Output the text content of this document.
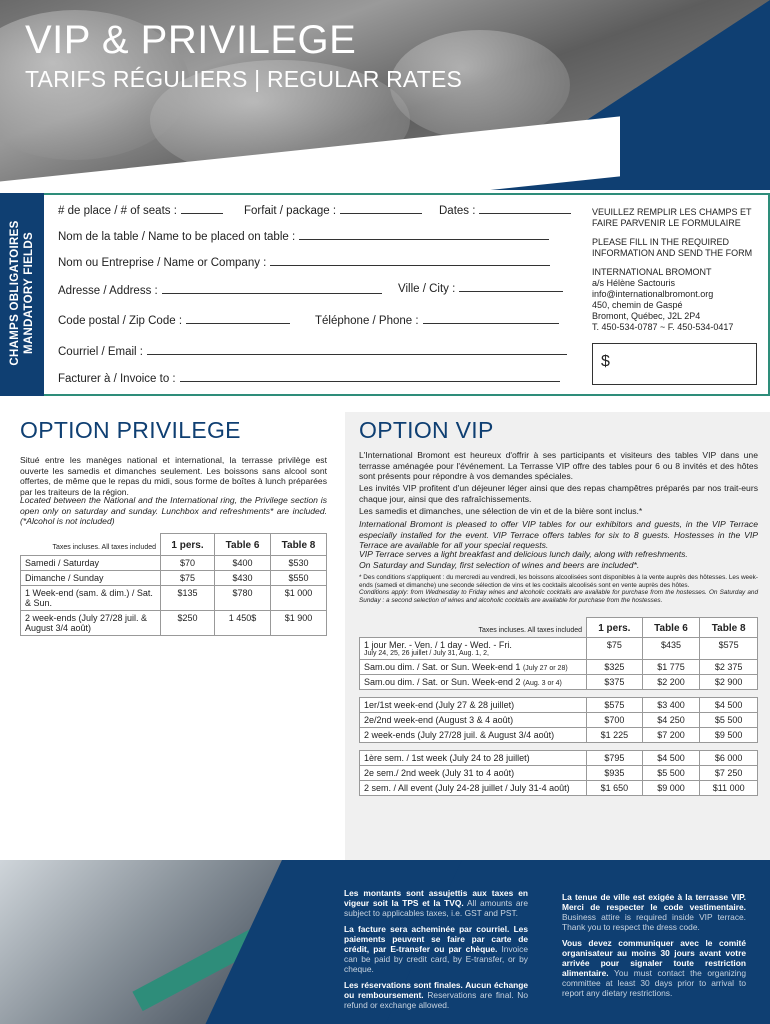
VIP & PRIVILEGE
TARIFS RÉGULIERS | REGULAR RATES
CHAMPS OBLIGATOIRES MANDATORY FIELDS
# de place / # of seats :	Forfait / package :	Dates :
Nom de la table / Name to be placed on table :
Nom ou Entreprise / Name or Company :
Adresse / Address :	Ville / City :
Code postal / Zip Code :	Téléphone / Phone :
Courriel / Email :
Facturer à / Invoice to :

VEUILLEZ REMPLIR LES CHAMPS ET FAIRE PARVENIR LE FORMULAIRE

PLEASE FILL IN THE REQUIRED INFORMATION AND SEND THE FORM

INTERNATIONAL BROMONT
a/s Hélène Sactouris
info@internationalbromont.org
450, chemin de Gaspé
Bromont, Québec, J2L 2P4
T. 450-534-0787 ~ F. 450-534-0417
$
OPTION PRIVILEGE
Situé entre les manèges national et international, la terrasse privilège est ouverte les samedis et dimanches seulement. Les boissons sans alcool sont offertes, de même que le repas du midi, sous forme de boîtes à lunch préparées par les traiteurs de la région.
Located between the National and the International ring, the Privilege section is open only on saturday and sunday. Lunchbox and refreshments* are included. (*Alcohol is not included)
Taxes incluses. All taxes included	1 pers.	Table 6	Table 8
Samedi / Saturday	$70	$400	$530
Dimanche / Sunday	$75	$430	$550
1 Week-end (sam. & dim.) / Sat. & Sun.	$135	$780	$1 000
2 week-ends (July 27/28 juil. & August 3/4 août)	$250	1 450$	$1 900
OPTION VIP
L'International Bromont est heureux d'offrir à ses participants et visiteurs des tables VIP dans une terrasse aménagée pour l'événement. La Terrasse VIP offre des tables pour 6 ou 8 invités et des hôtes sont présents pour répondre à vos demandes spéciales.
Les invités VIP profitent d'un déjeuner léger ainsi que des repas champêtres préparés par nos trait-eurs chaque jour, ainsi que des rafraîchissements.
Les samedis et dimanches, une sélection de vin et de la bière sont inclus.*
International Bromont is pleased to offer VIP tables for our exhibitors and guests, in the VIP Terrace especially installed for the event. VIP Terrace offers tables for six to 8 guests. Hostesses in the VIP Terrace are available for all your special requests.
VIP Terrace serves a light breakfast and delicious lunch daily, along with refreshments.
On Saturday and Sunday, first selection of wines and beers are included*.
* Des conditions s'appliquent : du mercredi au vendredi, les boissons alcoolisées sont disponibles à la vente auprès des hôtesses. Les week-ends (samedi et dimanche) une seconde sélection de vins et les cocktails alcoolisés sont en vente auprès des hôtes.
Conditions apply: from Wednesday to Friday wines and alcoholic cocktails are available for purchase from the hostesses. On Saturday and Sunday : a second selection of wines and alcoholic cocktails are available for purchase from the hostesses.
Taxes incluses. All taxes included	1 pers.	Table 6	Table 8

1 jour Mer. - Ven. / 1 day - Wed. - Fri.
July 24, 25, 26 juillet / July 31, Aug. 1, 2,	$75	$435	$575
Sam.ou dim. / Sat. or Sun. Week-end 1 (July 27 or 28)	$325	$1 775	$2 375
Sam.ou dim. / Sat. or Sun. Week-end 2 (Aug. 3 or 4)	$375	$2 200	$2 900

1er/1st week-end (July 27 & 28 juillet)	$575	$3 400	$4 500
2e/2nd week-end (August 3 & 4 août)	$700	$4 250	$5 500
2 week-ends (July 27/28 juil. & August 3/4 août)	$1 225	$7 200	$9 500

1ère sem. / 1st week (July 24 to 28 juillet)	$795	$4 500	$6 000
2e sem./ 2nd week (July 31 to 4 août)	$935	$5 500	$7 250
2 sem. / All event (July 24-28 juillet / July 31-4 août)	$1 650	$9 000	$11 000

Les montants sont assujettis aux taxes en vigeur soit la TPS et la TVQ. All amounts are subject to applicables taxes, i.e. GST and PST.

La facture sera acheminée par courriel. Les paiements peuvent se faire par carte de crédit, par E-transfer ou par chèque. Invoice can be paid by credit card, by E-transfer, or by cheque.

Les réservations sont finales. Aucun échange ou remboursement. Reservations are final. No refund or exchange allowed.

La tenue de ville est exigée à la terrasse VIP. Merci de respecter le code vestimentaire. Business attire is required inside VIP terrace. Thank you to respect the dress code.

Vous devez communiquer avec le comité organisateur au moins 30 jours avant votre arrivée pour signaler toute restriction alimentaire. You must contact the organizing committee at least 30 days prior to arrival to report any dietary restrictions.
